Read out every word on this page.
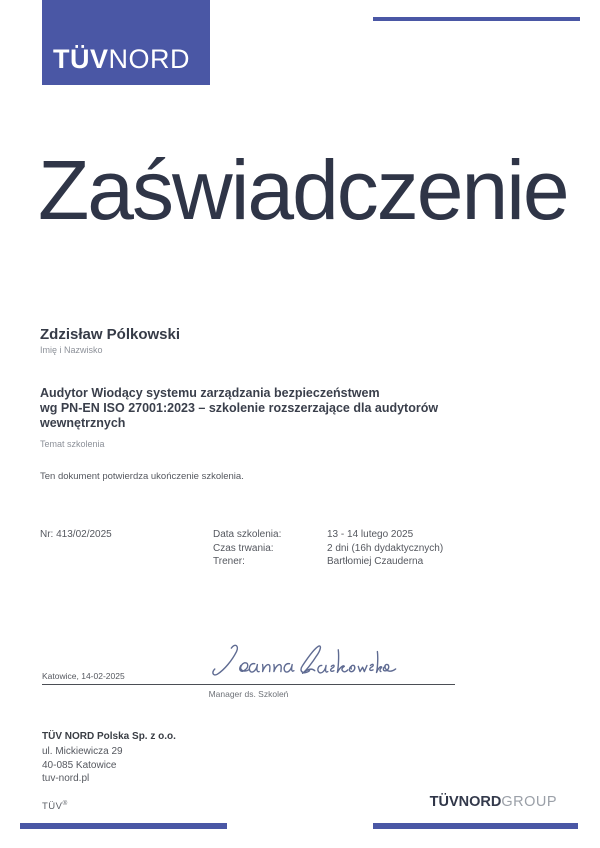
TÜVNORD
Zaświadczenie
Zdzisław Pólkowski
Imię i Nazwisko
Audytor Wiodący systemu zarządzania bezpieczeństwem
wg PN-EN ISO 27001:2023 – szkolenie rozszerzające dla audytorów
wewnętrznych
Temat szkolenia
Ten dokument potwierdza ukończenie szkolenia.
Nr: 413/02/2025	Data szkolenia:
Czas trwania:
Trener:
13 - 14 lutego 2025
2 dni (16h dydaktycznych)
Bartłomiej Czauderna
Katowice, 14-02-2025
Manager ds. Szkoleń
TÜV NORD Polska Sp. z o.o.
ul. Mickiewicza 29
40-085 Katowice
tuv-nord.pl
TÜV®	TÜVNORDGROUP
